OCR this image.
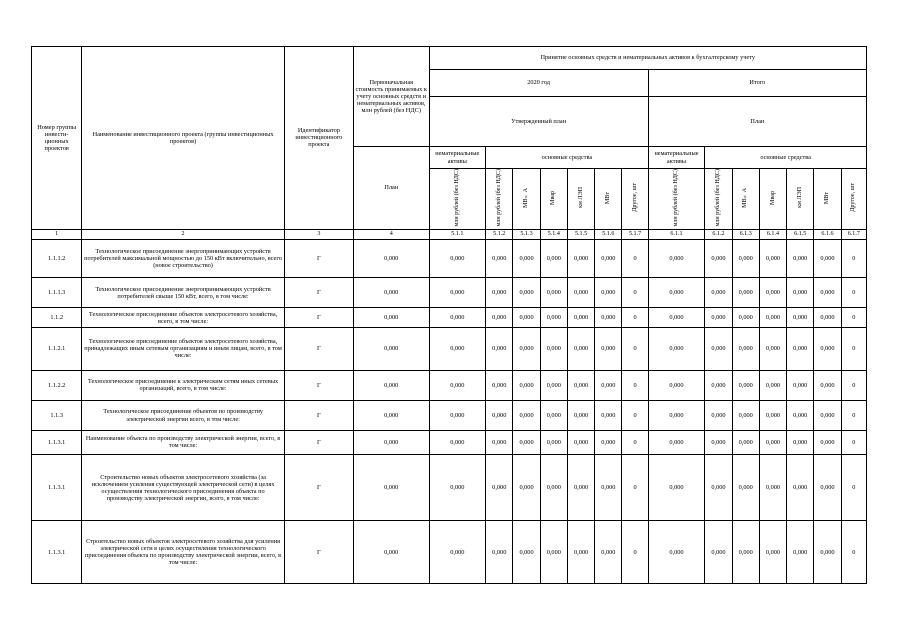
Номер группы инвести-ционных проектов	Наименование инвестиционного проекта (группы инвестиционных проектов)	Идентификатор инвестиционного проекта	Первоначальная стоимость принимаемых к учету основных средств и нематериальных активов, млн рублей (без НДС)	Принятие основных средств и нематериальных активов к бухгалтерскому учету													
				2020 год							Итого						
				Утвержденный план							План						
			План	нематериальные активы	основные средства						нематериальные активы	основные средства					
				млн рублей (без НДС)	млн рублей (без НДС)	МВ×А	Мвар	км ЛЭП	МВт	Другое, шт	млн рублей (без НДС)	млн рублей (без НДС)	МВ×А	Мвар	км ЛЭП	МВт	Другое, шт
1	2	3	4	5.1.1	5.1.2	5.1.3	5.1.4	5.1.5	5.1.6	5.1.7	6.1.1	6.1.2	6.1.3	6.1.4	6.1.5	6.1.6	6.1.7
1.1.1.2	Технологическое присоединение энергопринимающих устройств потребителей максимальной мощностью до 150 кВт включительно, всего (новое строительство)	Г	0,000	0,000	0,000	0,000	0,000	0,000	0,000	0	0,000	0,000	0,000	0,000	0,000	0,000	0
1.1.1.3	Технологическое присоединение энергопринимающих устройств потребителей свыше 150 кВт, всего, в том числе:	Г	0,000	0,000	0,000	0,000	0,000	0,000	0,000	0	0,000	0,000	0,000	0,000	0,000	0,000	0
1.1.2	Технологическое присоединение объектов электросетевого хозяйства, всего, в том числе:	Г	0,000	0,000	0,000	0,000	0,000	0,000	0,000	0	0,000	0,000	0,000	0,000	0,000	0,000	0
1.1.2.1	Технологическое присоединение объектов электросетевого хозяйства, принадлежащих иным сетевым организациям и иным лицам, всего, в том числе:	Г	0,000	0,000	0,000	0,000	0,000	0,000	0,000	0	0,000	0,000	0,000	0,000	0,000	0,000	0
1.1.2.2	Технологическое присоединение к электрическим сетям иных сетевых организаций, всего, в том числе:	Г	0,000	0,000	0,000	0,000	0,000	0,000	0,000	0	0,000	0,000	0,000	0,000	0,000	0,000	0
1.1.3	Технологическое присоединение объектов по производству электрической энергии всего, в том числе:	Г	0,000	0,000	0,000	0,000	0,000	0,000	0,000	0	0,000	0,000	0,000	0,000	0,000	0,000	0
1.1.3.1	Наименование объекта по производству электрической энергии, всего, в том числе:	Г	0,000	0,000	0,000	0,000	0,000	0,000	0,000	0	0,000	0,000	0,000	0,000	0,000	0,000	0
1.1.3.1	Строительство новых объектов электросетевого хозяйства (за исключением усиления существующей электрической сети) в целях осуществления технологического присоединения объекта по производству электрической энергии, всего, в том числе:	Г	0,000	0,000	0,000	0,000	0,000	0,000	0,000	0	0,000	0,000	0,000	0,000	0,000	0,000	0
1.1.3.1	Строительство новых объектов электросетевого хозяйства для усиления электрической сети в целях осуществления технологического присоединения объекта по производству электрической энергии, всего, в том числе:	Г	0,000	0,000	0,000	0,000	0,000	0,000	0,000	0	0,000	0,000	0,000	0,000	0,000	0,000	0
